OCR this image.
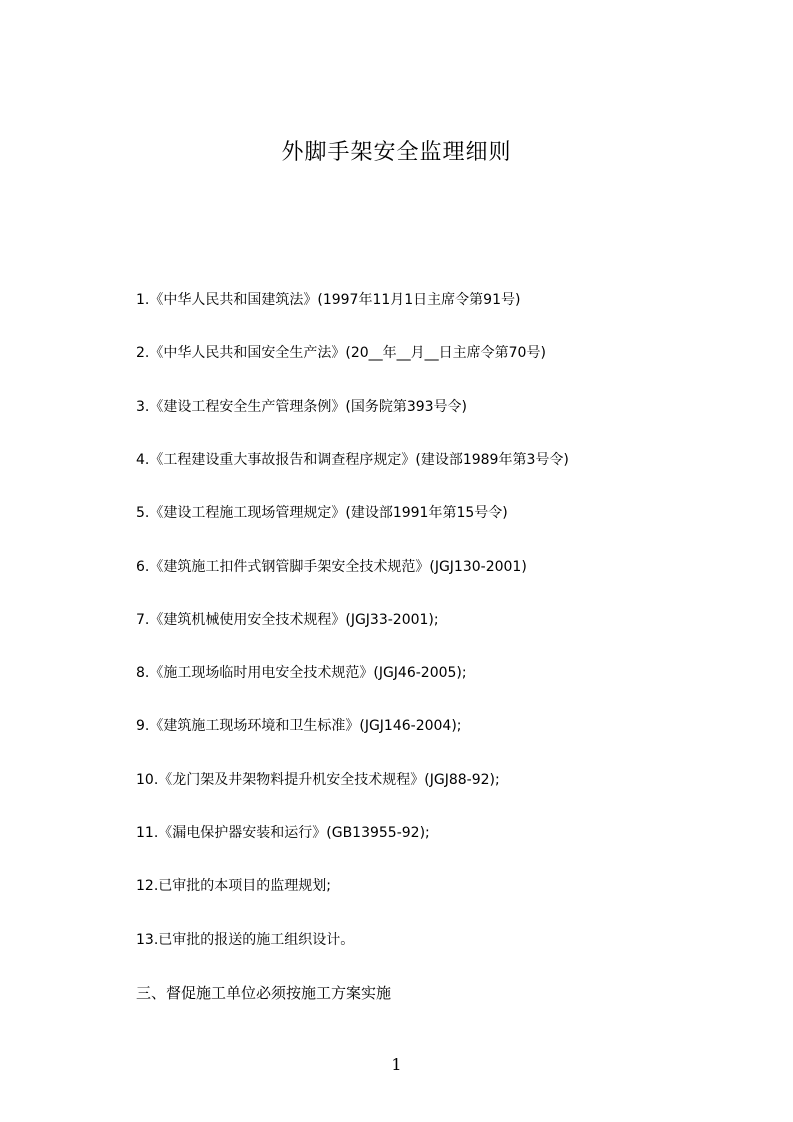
外脚手架安全监理细则
1.《中华人民共和国建筑法》(1997年11月1日主席令第91号)
2.《中华人民共和国安全生产法》(20__年__月__日主席令第70号)
3.《建设工程安全生产管理条例》(国务院第393号令)
4.《工程建设重大事故报告和调查程序规定》(建设部1989年第3号令)
5.《建设工程施工现场管理规定》(建设部1991年第15号令)
6.《建筑施工扣件式钢管脚手架安全技术规范》(JGJ130-2001)
7.《建筑机械使用安全技术规程》(JGJ33-2001);
8.《施工现场临时用电安全技术规范》(JGJ46-2005);
9.《建筑施工现场环境和卫生标准》(JGJ146-2004);
10.《龙门架及井架物料提升机安全技术规程》(JGJ88-92);
11.《漏电保护器安装和运行》(GB13955-92);
12.已审批的本项目的监理规划;
13.已审批的报送的施工组织设计。
三、督促施工单位必须按施工方案实施
1
